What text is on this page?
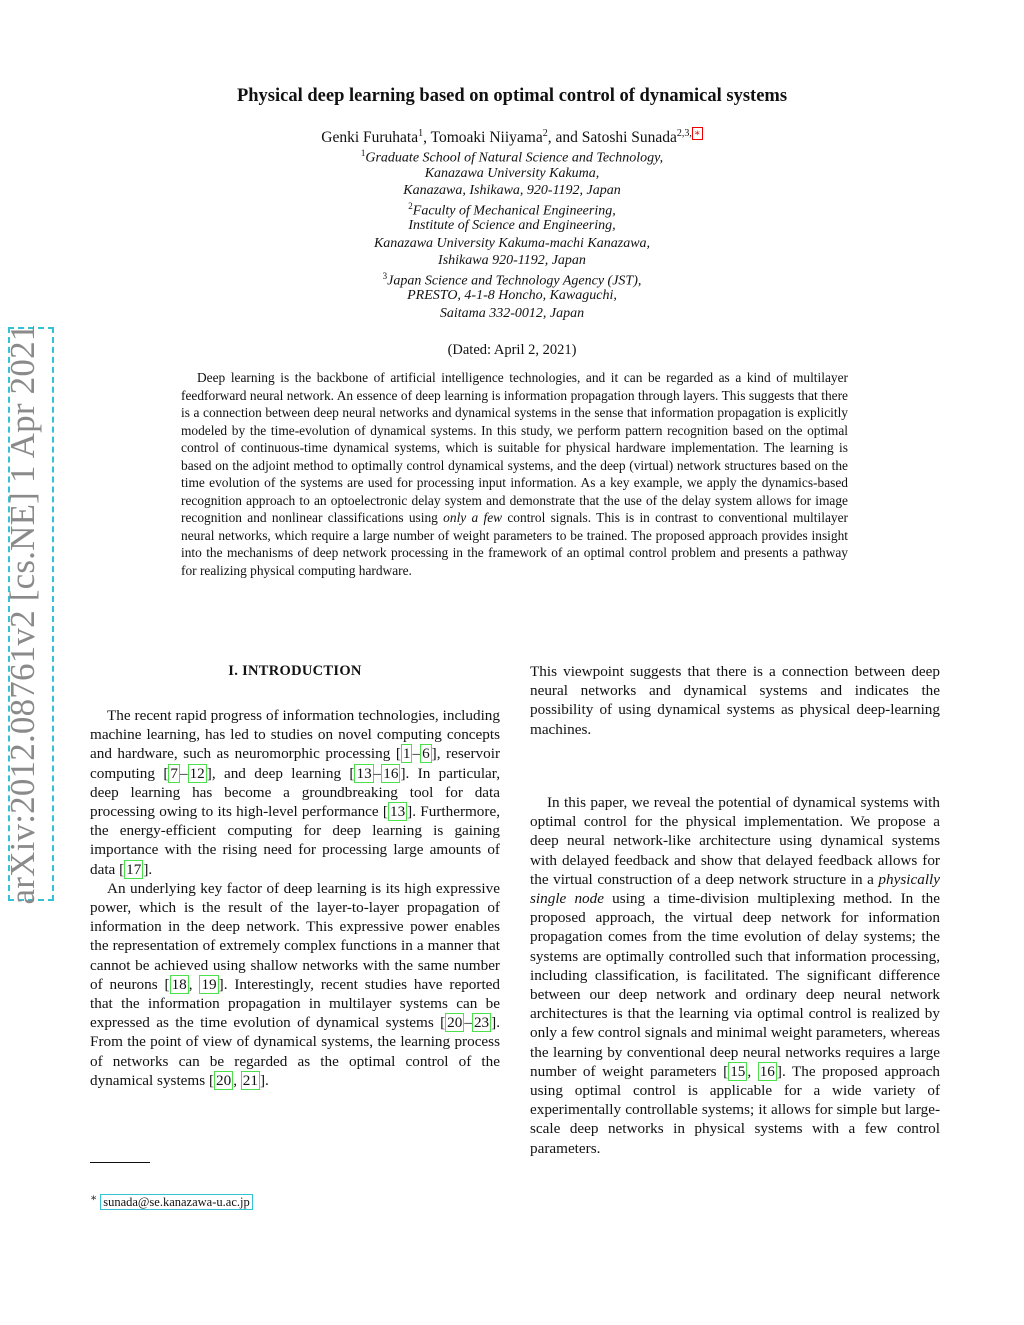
arXiv:2012.08761v2 [cs.NE] 1 Apr 2021
Physical deep learning based on optimal control of dynamical systems
Genki Furuhata$^1$, Tomoaki Niiyama$^2$, and Satoshi Sunada$^{2,3, ∗}$
$^1$Graduate School of Natural Science and Technology,
Kanazawa University Kakuma,
Kanazawa, Ishikawa, 920-1192, Japan
$^2$Faculty of Mechanical Engineering,
Institute of Science and Engineering,
Kanazawa University Kakuma-machi Kanazawa,
Ishikawa 920-1192, Japan
$^3$Japan Science and Technology Agency (JST),
PRESTO, 4-1-8 Honcho, Kawaguchi,
Saitama 332-0012, Japan
(Dated: April 2, 2021)
Deep learning is the backbone of artificial intelligence technologies, and it can be regarded as a kind of multilayer feedforward neural network. An essence of deep learning is information propagation through layers. This suggests that there is a connection between deep neural networks and dynamical systems in the sense that information propagation is explicitly modeled by the time-evolution of dynamical systems. In this study, we perform pattern recognition based on the optimal control of continuous-time dynamical systems, which is suitable for physical hardware implementation. The learning is based on the adjoint method to optimally control dynamical systems, and the deep (virtual) network structures based on the time evolution of the systems are used for processing input information. As a key example, we apply the dynamics-based recognition approach to an optoelectronic delay system and demonstrate that the use of the delay system allows for image recognition and nonlinear classifications using only a few control signals. This is in contrast to conventional multilayer neural networks, which require a large number of weight parameters to be trained. The proposed approach provides insight into the mechanisms of deep network processing in the framework of an optimal control problem and presents a pathway for realizing physical computing hardware.
I. INTRODUCTION

The recent rapid progress of information technologies, including machine learning, has led to studies on novel computing concepts and hardware, such as neuromorphic processing [ 1 – 6 ], reservoir computing [ 7 – 12 ], and deep learning [ 13 – 16 ]. In particular, deep learning has become a groundbreaking tool for data processing owing to its high-level performance [ 13 ]. Furthermore, the energy-efficient computing for deep learning is gaining importance with the rising need for processing large amounts of data [ 17 ].

An underlying key factor of deep learning is its high expressive power, which is the result of the layer-to-layer propagation of information in the deep network. This expressive power enables the representation of extremely complex functions in a manner that cannot be achieved using shallow networks with the same number of neurons [ 18 , 19 ]. Interestingly, recent studies have reported that the information propagation in multilayer systems can be expressed as the time evolution of dynamical systems [ 20 – 23 ]. From the point of view of dynamical systems, the learning process of networks can be regarded as the optimal control of the dynamical systems [ 20 , 21 ].

This viewpoint suggests that there is a connection between deep neural networks and dynamical systems and indicates the possibility of using dynamical systems as physical deep-learning machines.

In this paper, we reveal the potential of dynamical systems with optimal control for the physical implementation. We propose a deep neural network-like architecture using dynamical systems with delayed feedback and show that delayed feedback allows for the virtual construction of a deep network structure in a physically single node using a time-division multiplexing method. In the proposed approach, the virtual deep network for information propagation comes from the time evolution of delay systems; the systems are optimally controlled such that information processing, including classification, is facilitated. The significant difference between our deep network and ordinary deep neural network architectures is that the learning via optimal control is realized by only a few control signals and minimal weight parameters, whereas the learning by conventional deep neural networks requires a large number of weight parameters [ 15 , 16 ]. The proposed approach using optimal control is applicable for a wide variety of experimentally controllable systems; it allows for simple but large-scale deep networks in physical systems with a few control parameters.

∗ sunada@se.kanazawa-u.ac.jp
